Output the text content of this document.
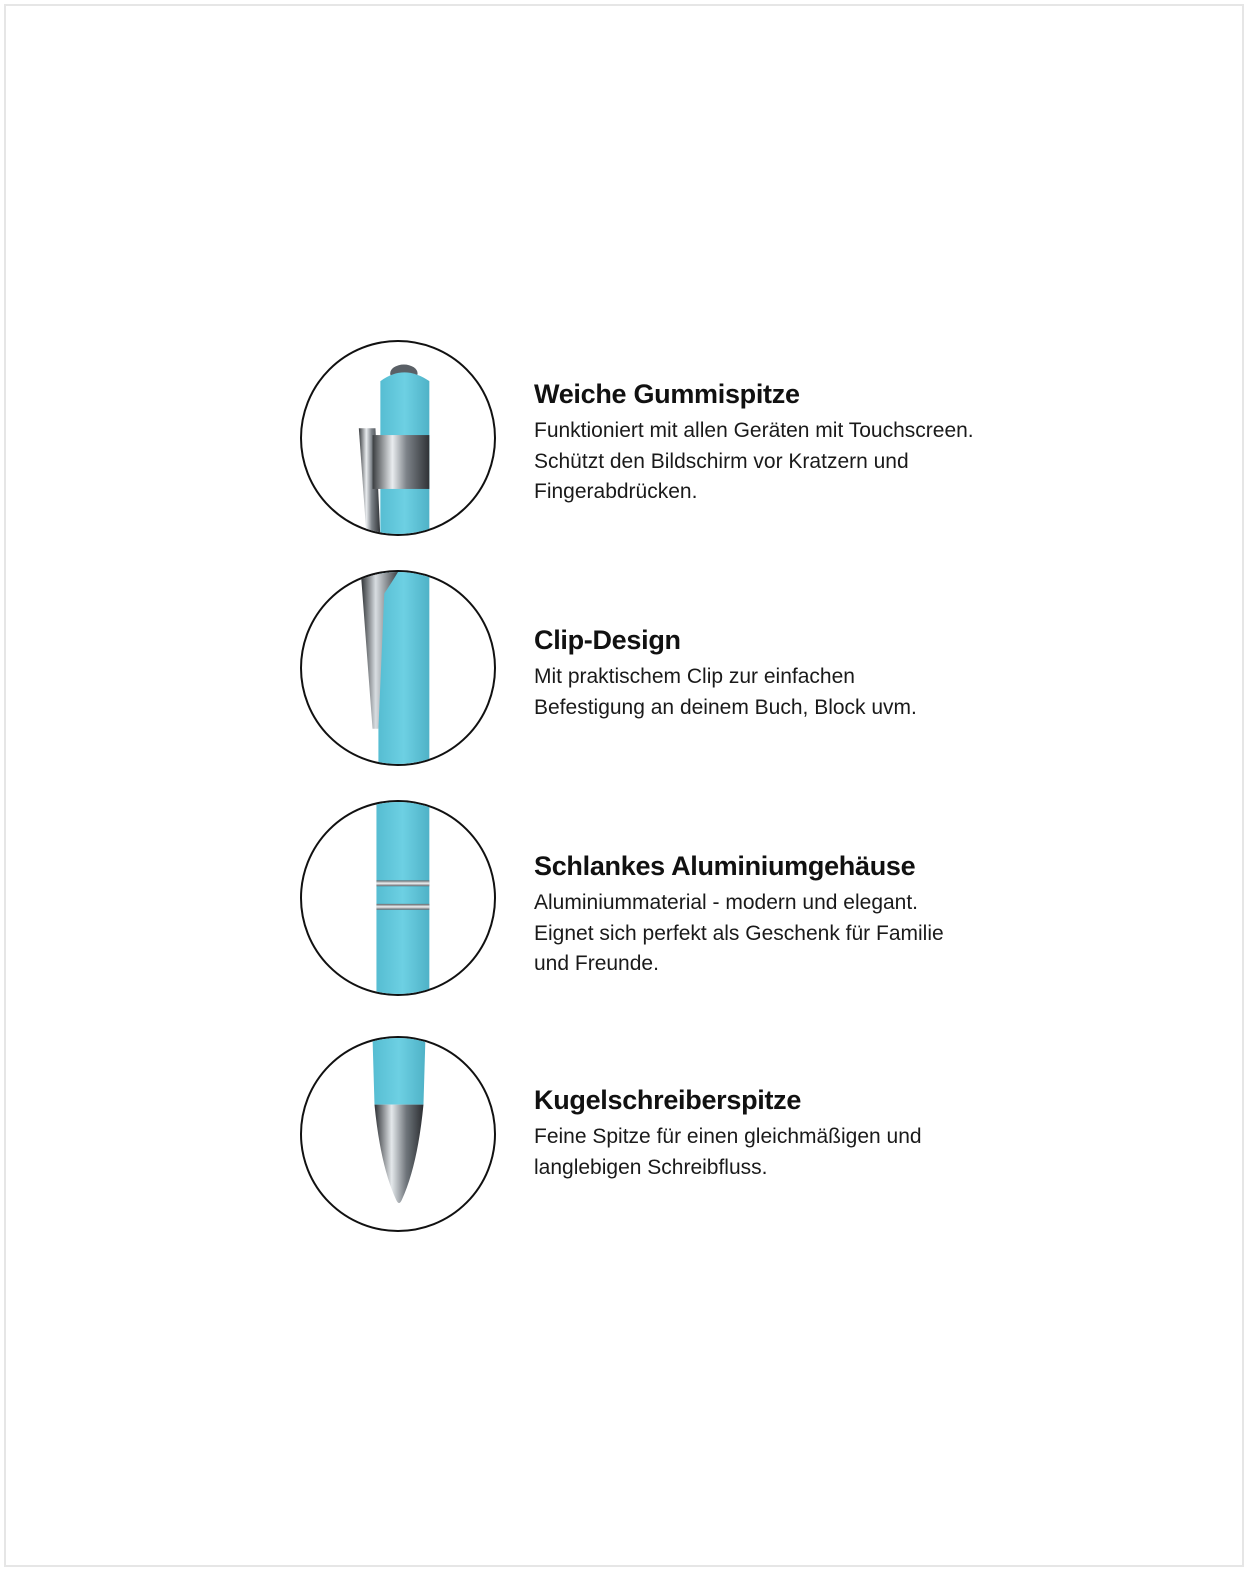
Weiche Gummispitze

Funktioniert mit allen Geräten mit Touchscreen.
Schützt den Bildschirm vor Kratzern und
Fingerabdrücken.

Clip-Design

Mit praktischem Clip zur einfachen
Befestigung an deinem Buch, Block uvm.

Schlankes Aluminiumgehäuse

Aluminiummaterial - modern und elegant.
Eignet sich perfekt als Geschenk für Familie
und Freunde.

Kugelschreiberspitze

Feine Spitze für einen gleichmäßigen und
langlebigen Schreibfluss.
